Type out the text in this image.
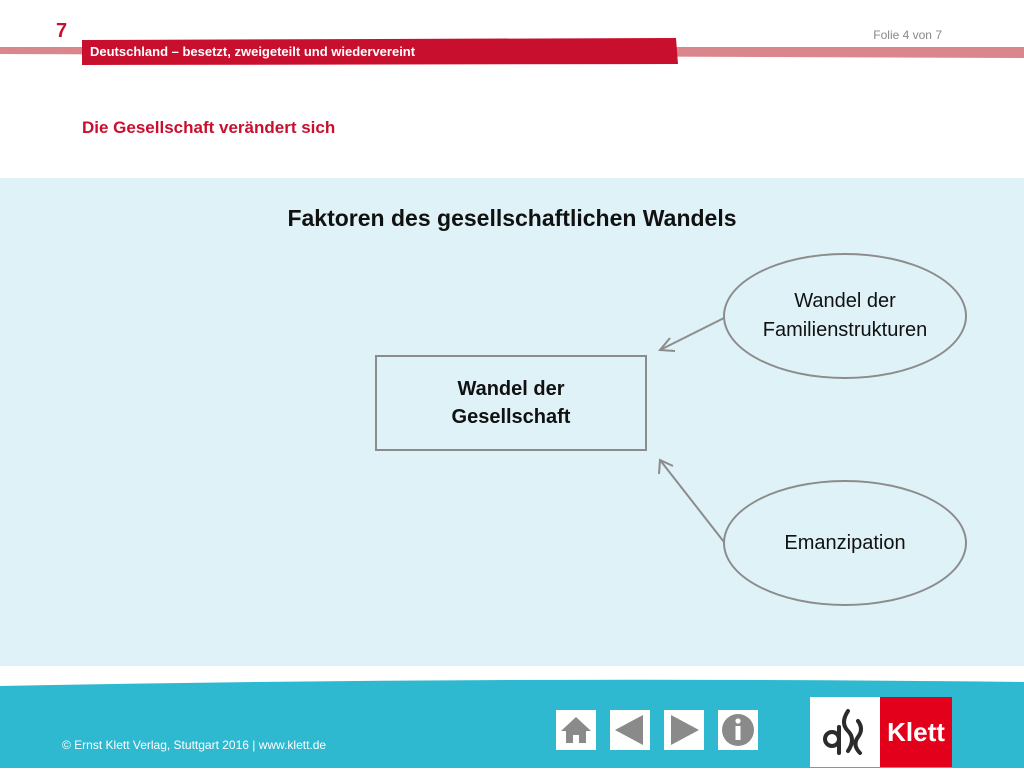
7	Folie 4 von 7
Deutschland – besetzt, zweigeteilt und wiedervereint
Die Gesellschaft verändert sich
Faktoren des gesellschaftlichen Wandels
Wandel der
Gesellschaft
Wandel der
Familienstrukturen
Emanzipation
© Ernst Klett Verlag, Stuttgart 2016 | www.klett.de	Klett
